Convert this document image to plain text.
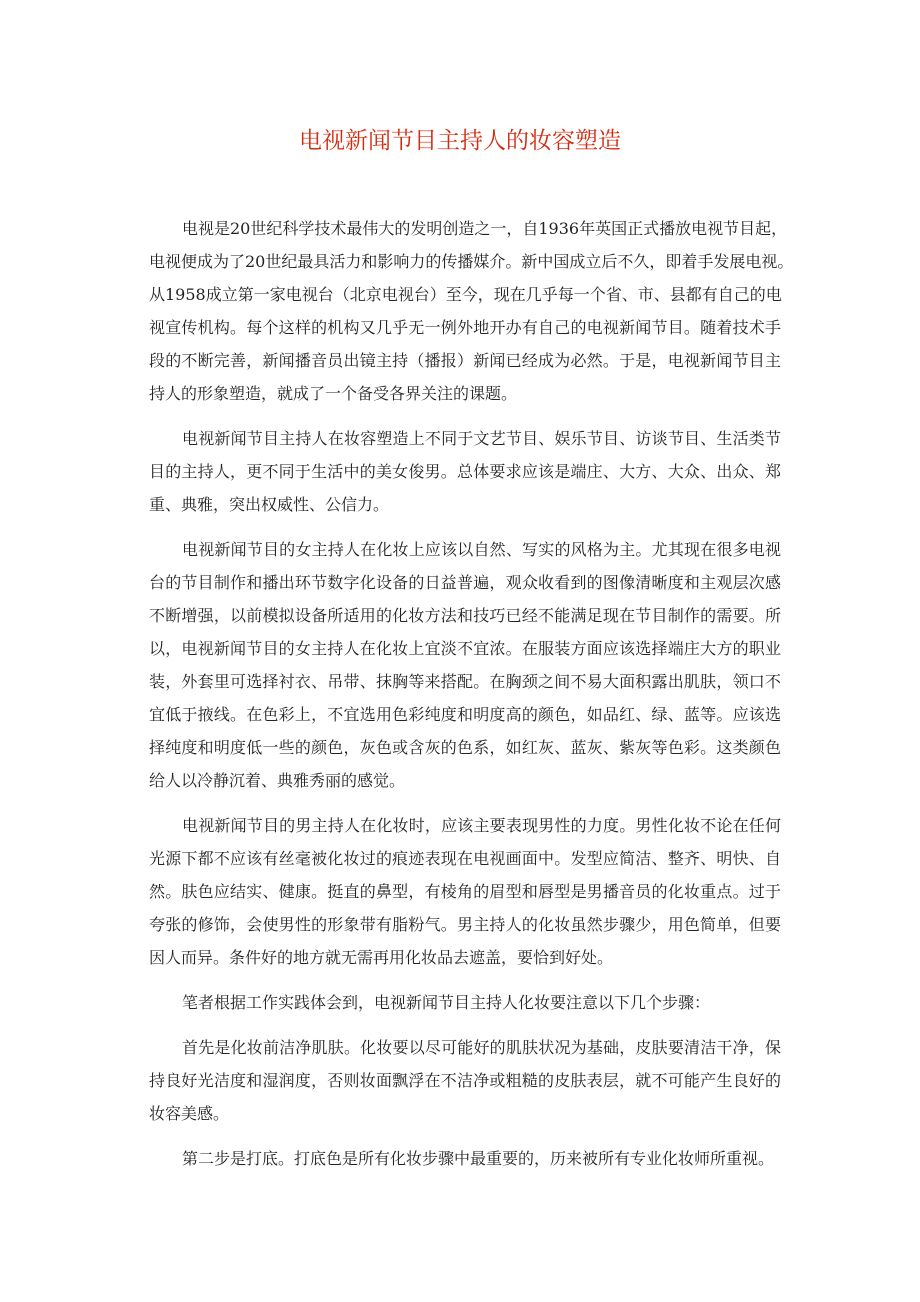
电视新闻节目主持人的妆容塑造
电视是20世纪科学技术最伟大的发明创造之一，自1936年英国正式播放电视节目起，
电视便成为了20世纪最具活力和影响力的传播媒介。新中国成立后不久，即着手发展电视。
从1958成立第一家电视台（北京电视台）至今，现在几乎每一个省、市、县都有自己的电
视宣传机构。每个这样的机构又几乎无一例外地开办有自己的电视新闻节目。随着技术手
段的不断完善，新闻播音员出镜主持（播报）新闻已经成为必然。于是，电视新闻节目主
持人的形象塑造，就成了一个备受各界关注的课题。
电视新闻节目主持人在妆容塑造上不同于文艺节目、娱乐节目、访谈节目、生活类节
目的主持人，更不同于生活中的美女俊男。总体要求应该是端庄、大方、大众、出众、郑
重、典雅，突出权威性、公信力。
电视新闻节目的女主持人在化妆上应该以自然、写实的风格为主。尤其现在很多电视
台的节目制作和播出环节数字化设备的日益普遍，观众收看到的图像清晰度和主观层次感
不断增强，以前模拟设备所适用的化妆方法和技巧已经不能满足现在节目制作的需要。所
以，电视新闻节目的女主持人在化妆上宜淡不宜浓。在服装方面应该选择端庄大方的职业
装，外套里可选择衬衣、吊带、抹胸等来搭配。在胸颈之间不易大面积露出肌肤，领口不
宜低于掖线。在色彩上，不宜选用色彩纯度和明度高的颜色，如品红、绿、蓝等。应该选
择纯度和明度低一些的颜色，灰色或含灰的色系，如红灰、蓝灰、紫灰等色彩。这类颜色
给人以冷静沉着、典雅秀丽的感觉。
电视新闻节目的男主持人在化妆时，应该主要表现男性的力度。男性化妆不论在任何
光源下都不应该有丝毫被化妆过的痕迹表现在电视画面中。发型应简洁、整齐、明快、自
然。肤色应结实、健康。挺直的鼻型，有棱角的眉型和唇型是男播音员的化妆重点。过于
夸张的修饰，会使男性的形象带有脂粉气。男主持人的化妆虽然步骤少，用色简单，但要
因人而异。条件好的地方就无需再用化妆品去遮盖，要恰到好处。
笔者根据工作实践体会到，电视新闻节目主持人化妆要注意以下几个步骤：
首先是化妆前洁净肌肤。化妆要以尽可能好的肌肤状况为基础，皮肤要清洁干净，保
持良好光洁度和湿润度，否则妆面飘浮在不洁净或粗糙的皮肤表层，就不可能产生良好的
妆容美感。
第二步是打底。打底色是所有化妆步骤中最重要的，历来被所有专业化妆师所重视。
